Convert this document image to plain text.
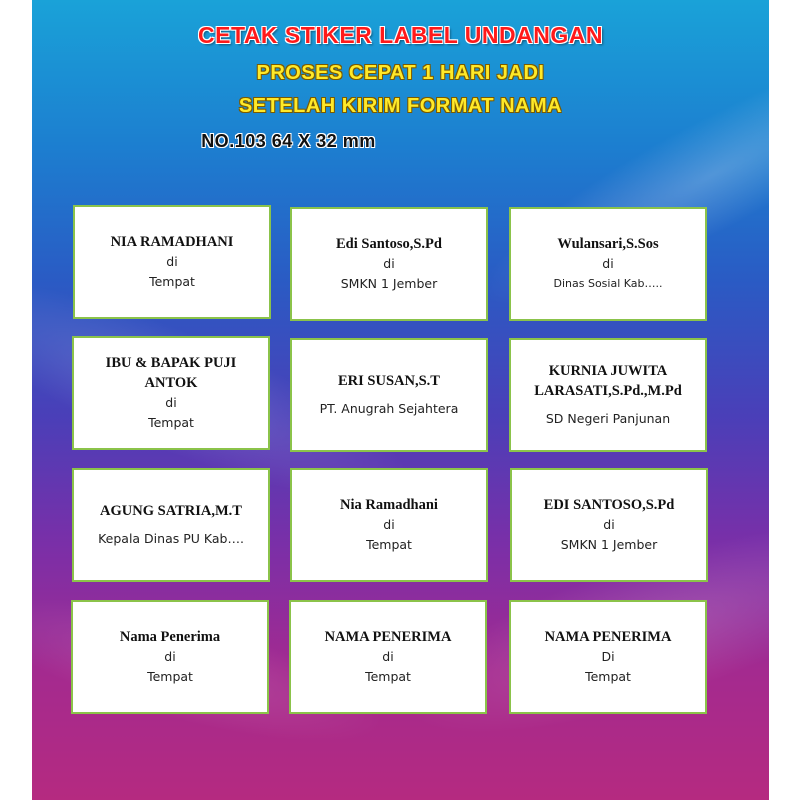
CETAK STIKER LABEL UNDANGAN
PROSES CEPAT 1 HARI JADI
SETELAH KIRIM FORMAT NAMA
NO.103 64 X 32 mm
NIA RAMADHANI
di
Tempat
Edi Santoso,S.Pd
di
SMKN 1 Jember
Wulansari,S.Sos
di
Dinas Sosial Kab…..
IBU & BAPAK PUJI ANTOK
di
Tempat
ERI SUSAN,S.T
PT. Anugrah Sejahtera
KURNIA JUWITA LARASATI,S.Pd.,M.Pd
SD Negeri Panjunan
AGUNG SATRIA,M.T
Kepala Dinas PU Kab….
Nia Ramadhani
di
Tempat
EDI SANTOSO,S.Pd
di
SMKN 1 Jember
Nama Penerima
di
Tempat
NAMA PENERIMA
di
Tempat
NAMA PENERIMA
Di
Tempat
